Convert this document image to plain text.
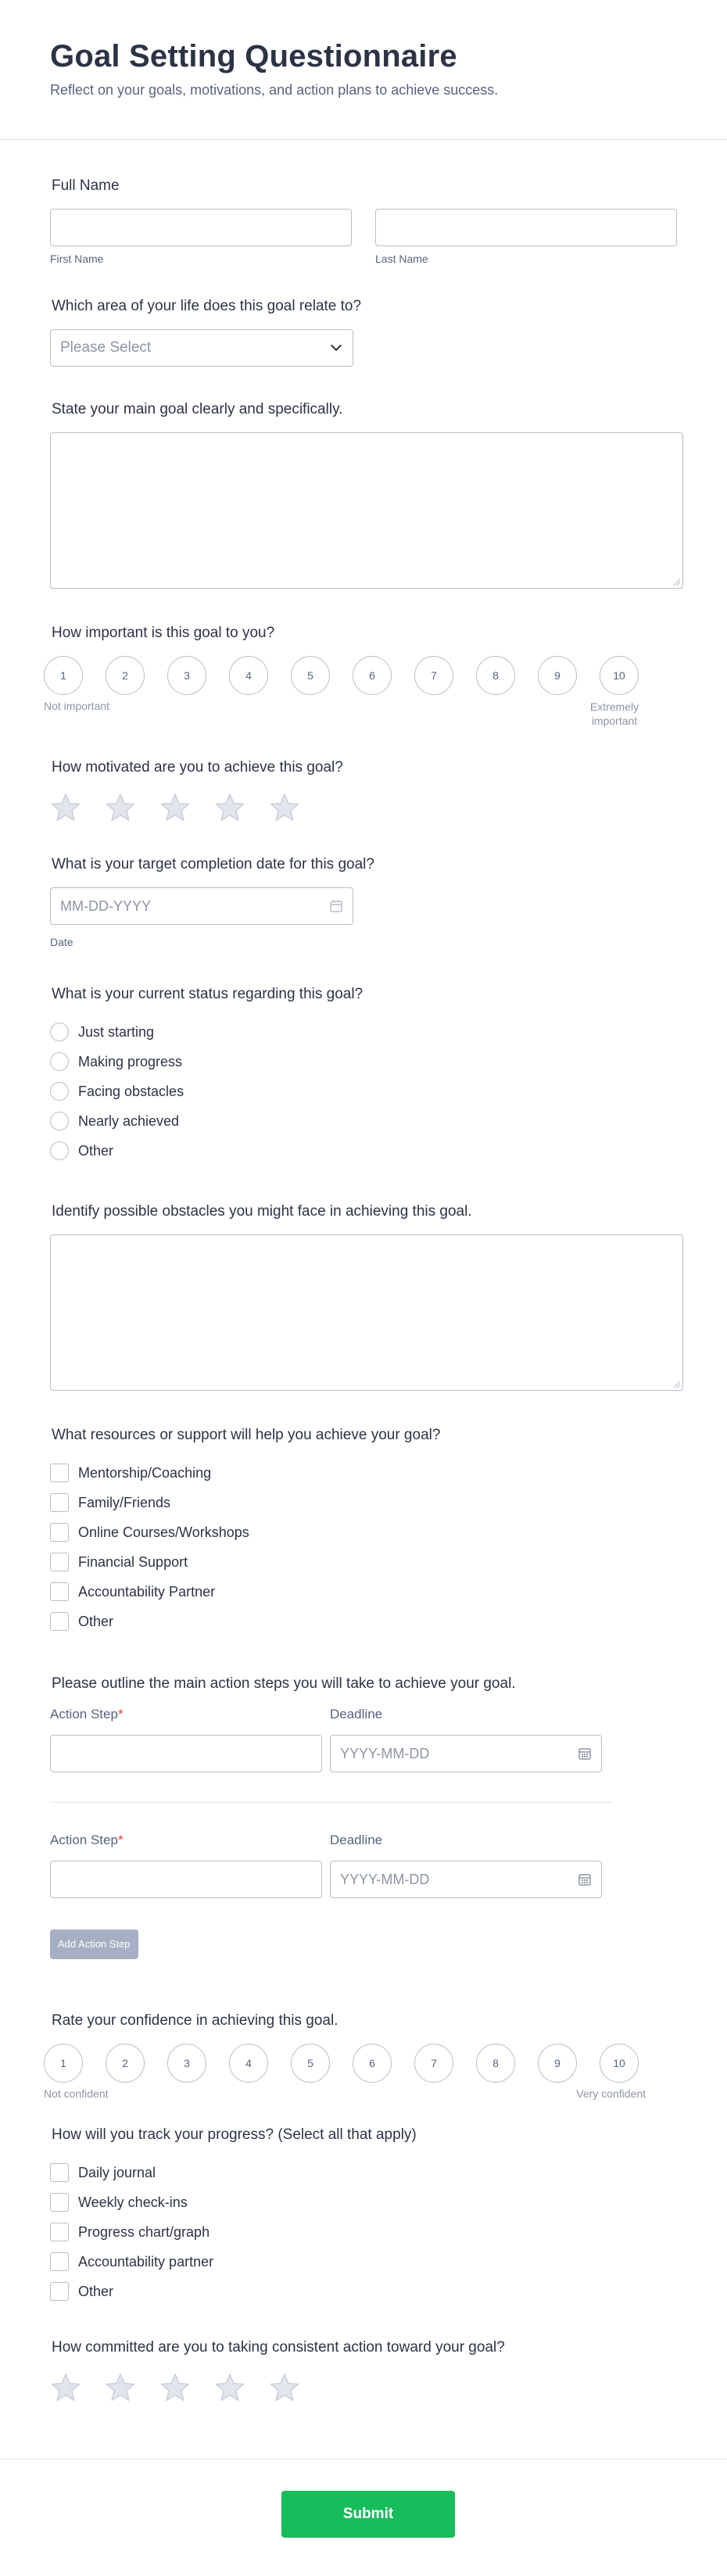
Goal Setting Questionnaire

Reflect on your goals, motivations, and action plans to achieve success.

Full Name
First Name	Last Name
Which area of your life does this goal relate to?
Please Select
State your main goal clearly and specifically.
How important is this goal to you?
1	2	3	4	5	6	7	8	9	10
Not important	Extremely important
How motivated are you to achieve this goal?
What is your target completion date for this goal?
MM-DD-YYYY
Date
What is your current status regarding this goal?
Just starting
Making progress
Facing obstacles
Nearly achieved
Other
Identify possible obstacles you might face in achieving this goal.
What resources or support will help you achieve your goal?
Mentorship/Coaching
Family/Friends
Online Courses/Workshops
Financial Support
Accountability Partner
Other
Please outline the main action steps you will take to achieve your goal.
Action Step*	Deadline
YYYY-MM-DD
Action Step*	Deadline
YYYY-MM-DD
Add Action Step
Rate your confidence in achieving this goal.
1	2	3	4	5	6	7	8	9	10
Not confident	Very confident
How will you track your progress? (Select all that apply)
Daily journal
Weekly check-ins
Progress chart/graph
Accountability partner
Other
How committed are you to taking consistent action toward your goal?
Submit
